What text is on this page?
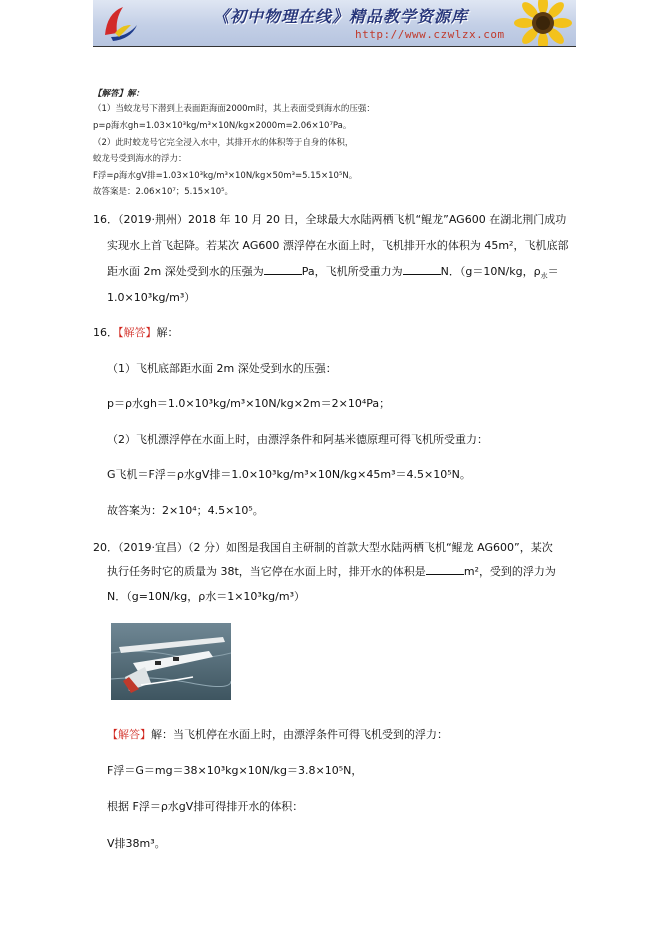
《初中物理在线》精品教学资源库
http://www.czwlzx.com
【解答】解：
（1）当蛟龙号下潜到上表面距海面2000m时，其上表面受到海水的压强：
p=ρ海水gh=1.03×10³kg/m³×10N/kg×2000m=2.06×10⁷Pa。
（2）此时蛟龙号它完全浸入水中，其排开水的体积等于自身的体积，
蛟龙号受到海水的浮力：
F浮=ρ海水gV排=1.03×10³kg/m³×10N/kg×50m³=5.15×10⁵N。
故答案是：2.06×10⁷；5.15×10⁵。
16．（2019·荆州）2018 年 10 月 20 日，全球最大水陆两栖飞机“鲲龙”AG600 在湖北荆门成功
实现水上首飞起降。若某次 AG600 漂浮停在水面上时，飞机排开水的体积为 45m²，飞机底部
距水面 2m 深处受到水的压强为	Pa，飞机所受重力为	N．（g＝10N/kg，$\rho_水=$
1.0×10³kg/m³）
16．【解答】解：
（1）飞机底部距水面 2m 深处受到水的压强：
p＝ρ水gh＝1.0×10³kg/m³×10N/kg×2m＝2×10⁴Pa；
（2）飞机漂浮停在水面上时，由漂浮条件和阿基米德原理可得飞机所受重力：
G飞机＝F浮＝ρ水gV排＝1.0×10³kg/m³×10N/kg×45m³＝4.5×10⁵N。
故答案为：2×10⁴；4.5×10⁵。
20．（2019·宜昌）（2 分）如图是我国自主研制的首款大型水陆两栖飞机“鲲龙 AG600”，某次
执行任务时它的质量为 38t，当它停在水面上时，排开水的体积是	m²，受到的浮力为
N．（g=10N/kg，ρ水＝1×10³kg/m³）
【解答】解：当飞机停在水面上时，由漂浮条件可得飞机受到的浮力：
F浮＝G＝mg＝38×10³kg×10N/kg＝3.8×10⁵N，
根据 F浮＝ρ水gV排可得排开水的体积：
V排38m³。
